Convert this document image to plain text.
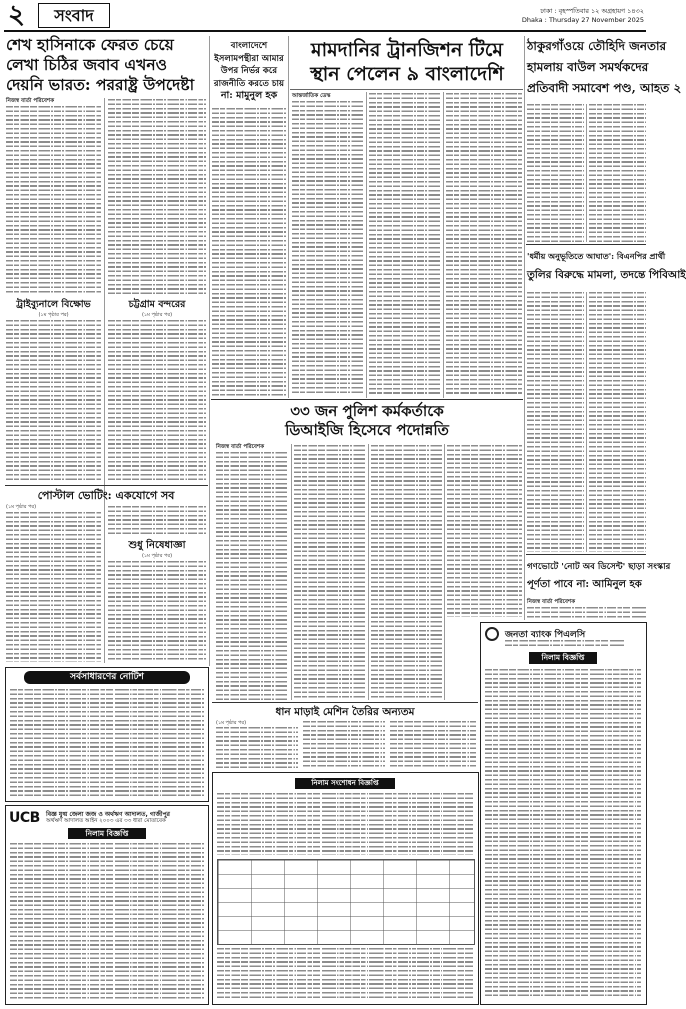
২	সংবাদ	ঢাকা : বৃহস্পতিবার ১২ অগ্রহায়ণ ১৪৩২
Dhaka : Thursday 27 November 2025
শেখ হাসিনাকে ফেরত চেয়ে
লেখা চিঠির জবাব এখনও
দেয়নি ভারত: পররাষ্ট্র উপদেষ্টা
নিজস্ব বার্তা পরিবেশক
ট্রাইব্যুনালে বিক্ষোভ
(১ম পৃষ্ঠার পর)
চট্টগ্রাম বন্দরের
(১ম পৃষ্ঠার পর)
পোস্টাল ভোটিং: একযোগে সব
(১ম পৃষ্ঠার পর)
শুধু নিষেধাজ্ঞা
(১ম পৃষ্ঠার পর)
বাংলাদেশে
ইসলামপন্থীরা আমার
উপর নির্ভর করে
রাজনীতি করতে চায়
না: মামুনুল হক
মামদানির ট্রানজিশন টিমে
স্থান পেলেন ৯ বাংলাদেশি
আন্তর্জাতিক ডেস্ক
৩৩ জন পুলিশ কর্মকর্তাকে
ডিআইজি হিসেবে পদোন্নতি
নিজস্ব বার্তা পরিবেশক
ধান মাড়াই মেশিন তৈরির অন্যতম
(১ম পৃষ্ঠার পর)
ঠাকুরগাঁওয়ে তৌহিদি জনতার
হামলায় বাউল সমর্থকদের
প্রতিবাদী সমাবেশ পণ্ড, আহত ২
'ধর্মীয় অনুভূতিতে আঘাত': বিএনপির প্রার্থী
তুলির বিরুদ্ধে মামলা, তদন্তে পিবিআই
গণভোটে 'নোট অব ডিসেন্ট' ছাড়া সংস্কার
পূর্ণতা পাবে না: আমিনুল হক
নিজস্ব বার্তা পরিবেশক
সর্বসাধারণের নোটিশ
UCB	বিজ্ঞ যুগ্ম জেলা জজ ও অর্থঋণ আদালত, গাজীপুর
অর্থঋণ আদালত আইন ২০০৩ এর ৩৩ ধারা মোতাবেক
নিলাম বিজ্ঞপ্তি
নিলাম সংশোধন বিজ্ঞপ্তি
জনতা ব্যাংক পিএলসি
নিলাম বিজ্ঞপ্তি
